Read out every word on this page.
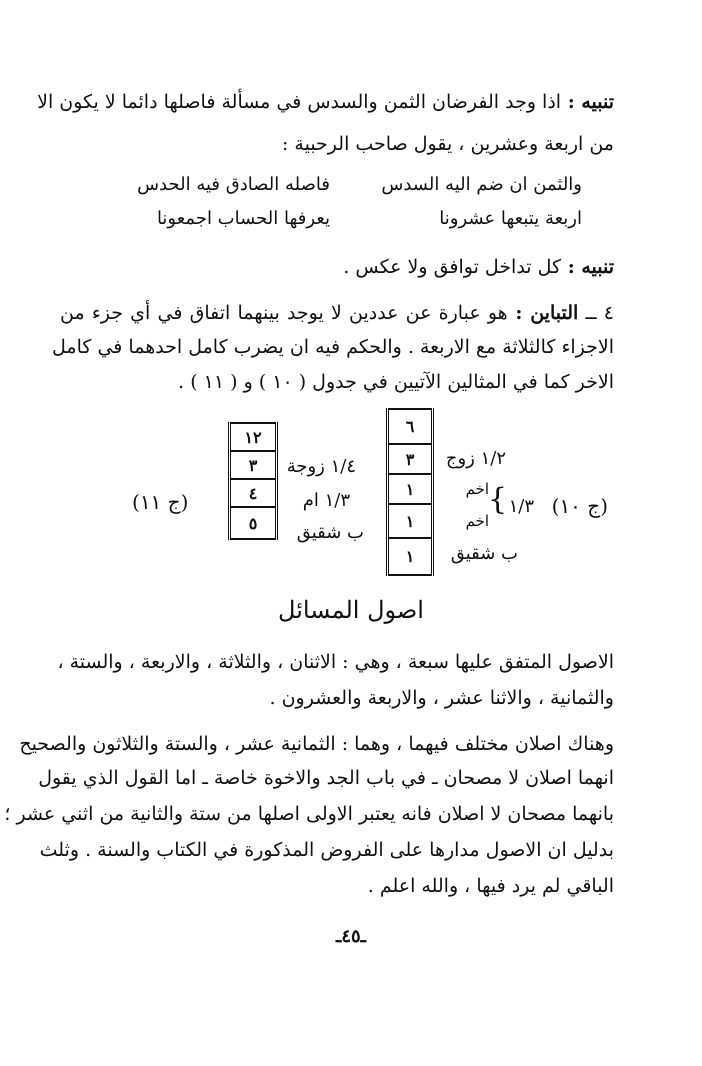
تنبيه : اذا وجد الفرضان الثمن والسدس في مسألة فاصلها دائما لا يكون الا
من اربعة وعشرين ، يقول صاحب الرحبية :
والثمن ان ضم اليه السدس
فاصله الصادق فيه الحدس
اربعة يتبعها عشرونا
يعرفها الحساب اجمعونا
تنبيه : كل تداخل توافق ولا عكس .
٤ ــ التباين : هو عبارة عن عددين لا يوجد بينهما اتفاق في أي جزء من
الاجزاء كالثلاثة مع الاربعة . والحكم فيه ان يضرب كامل احدهما في كامل
الاخر كما في المثالين الآتيين في جدول ( ١٠ ) و ( ١١ ) .
(ج ١٠)
٦
٣
١
١
١
١/٢ زوج
اخم
اخم
{ ١/٣
ب شقيق
(ج ١١)
١٢
٣
٤
٥
١/٤ زوجة
١/٣ ام
ب شقيق
اصول المسائل
الاصول المتفق عليها سبعة ، وهي : الاثنان ، والثلاثة ، والاربعة ، والستة ،
والثمانية ، والاثنا عشر ، والاربعة والعشرون .
وهناك اصلان مختلف فيهما ، وهما : الثمانية عشر ، والستة والثلاثون والصحيح
انهما اصلان لا مصحان ـ في باب الجد والاخوة خاصة ـ اما القول الذي يقول
بانهما مصحان لا اصلان فانه يعتبر الاولى اصلها من ستة والثانية من اثني عشر ؛
بدليل ان الاصول مدارها على الفروض المذكورة في الكتاب والسنة . وثلث
الباقي لم يرد فيها ، والله اعلم .
ـ٤٥ـ
